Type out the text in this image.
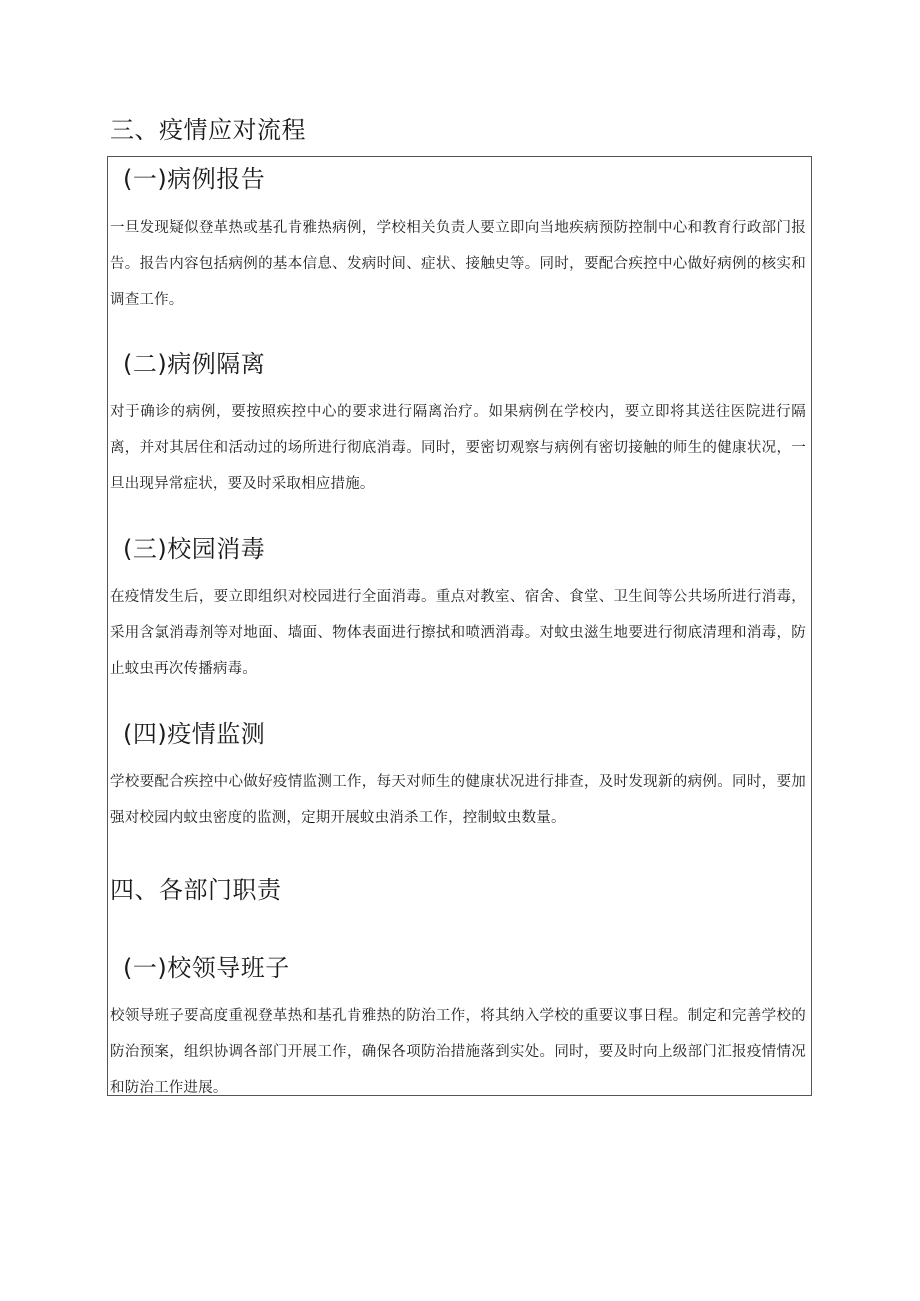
三、疫情应对流程
(一)病例报告

一旦发现疑似登革热或基孔肯雅热病例，学校相关负责人要立即向当地疾病预防控制中心和教育行政部门报告。报告内容包括病例的基本信息、发病时间、症状、接触史等。同时，要配合疾控中心做好病例的核实和调查工作。

(二)病例隔离

对于确诊的病例，要按照疾控中心的要求进行隔离治疗。如果病例在学校内，要立即将其送往医院进行隔离，并对其居住和活动过的场所进行彻底消毒。同时，要密切观察与病例有密切接触的师生的健康状况，一旦出现异常症状，要及时采取相应措施。

(三)校园消毒

在疫情发生后，要立即组织对校园进行全面消毒。重点对教室、宿舍、食堂、卫生间等公共场所进行消毒，采用含氯消毒剂等对地面、墙面、物体表面进行擦拭和喷洒消毒。对蚊虫滋生地要进行彻底清理和消毒，防止蚊虫再次传播病毒。

(四)疫情监测

学校要配合疾控中心做好疫情监测工作，每天对师生的健康状况进行排查，及时发现新的病例。同时，要加强对校园内蚊虫密度的监测，定期开展蚊虫消杀工作，控制蚊虫数量。

四、各部门职责
(一)校领导班子

校领导班子要高度重视登革热和基孔肯雅热的防治工作，将其纳入学校的重要议事日程。制定和完善学校的防治预案，组织协调各部门开展工作，确保各项防治措施落到实处。同时，要及时向上级部门汇报疫情情况和防治工作进展。
